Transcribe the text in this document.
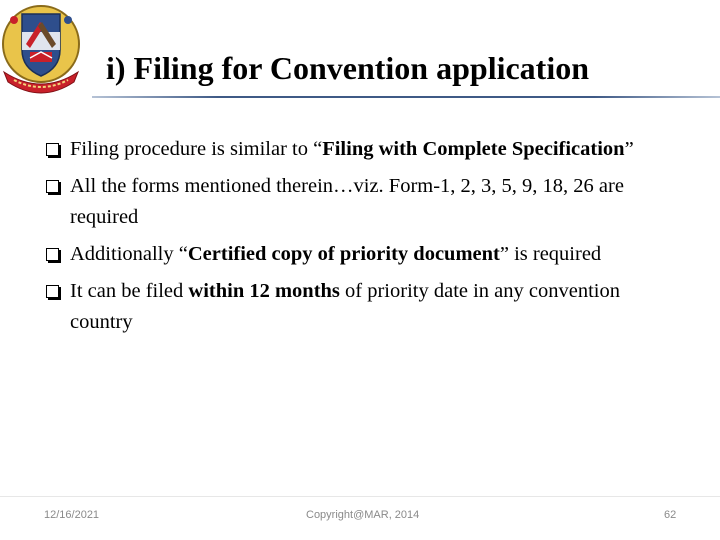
i) Filing for Convention application
Filing procedure is similar to “Filing with Complete Specification”
All the forms mentioned therein…viz. Form-1, 2, 3, 5, 9, 18, 26 are required
Additionally “Certified copy of priority document” is required
It can be filed within 12 months of priority date in any convention country
12/16/2021	Copyright@MAR, 2014	62
